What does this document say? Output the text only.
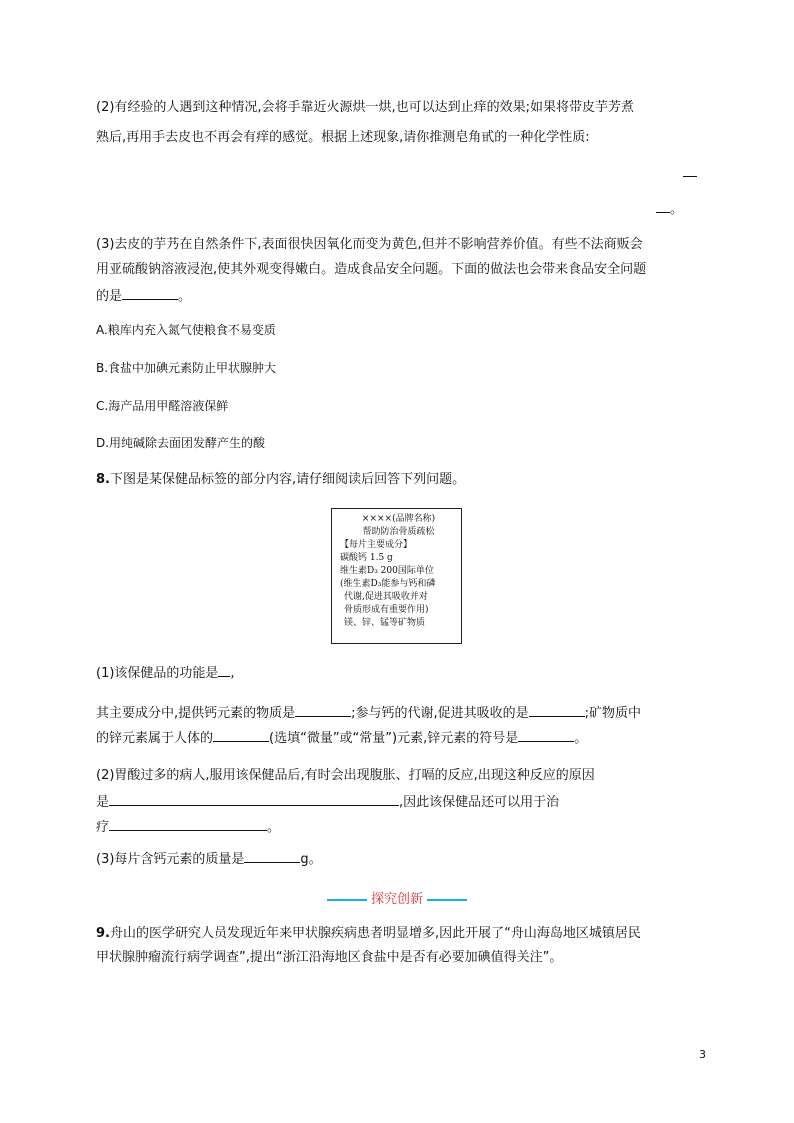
(2)有经验的人遇到这种情况,会将手靠近火源烘一烘,也可以达到止痒的效果;如果将带皮芋芳煮
熟后,再用手去皮也不再会有痒的感觉。根据上述现象,请你推测皂角甙的一种化学性质:
。
(3)去皮的芋艿在自然条件下,表面很快因氧化而变为黄色,但并不影响营养价值。有些不法商贩会
用亚硫酸钠溶液浸泡,使其外观变得嫩白。造成食品安全问题。下面的做法也会带来食品安全问题
的是	。
A.粮库内充入氮气使粮食不易变质
B.食盐中加碘元素防止甲状腺肿大
C.海产品用甲醛溶液保鲜
D.用纯碱除去面团发酵产生的酸
8.下图是某保健品标签的部分内容,请仔细阅读后回答下列问题。
××××(品牌名称)
帮助防治骨质疏松
【每片主要成分】
碳酸钙 1.5 g
维生素D₃ 200国际单位
(维生素D₃能参与钙和磷
代谢,促进其吸收并对
骨质形成有重要作用)
镁、锌、锰等矿物质
(1)该保健品的功能是 ,
其主要成分中,提供钙元素的物质是	;参与钙的代谢,促进其吸收的是	;矿物质中
的锌元素属于人体的	(选填“微量”或“常量”)元素,锌元素的符号是	。
(2)胃酸过多的病人,服用该保健品后,有时会出现腹胀、打嗝的反应,出现这种反应的原因
是	,因此该保健品还可以用于治
疗	。
(3)每片含钙元素的质量是	g。
探究创新
9.舟山的医学研究人员发现近年来甲状腺疾病患者明显增多,因此开展了“舟山海岛地区城镇居民
甲状腺肿瘤流行病学调查”,提出“浙江沿海地区食盐中是否有必要加碘值得关注”。
3
